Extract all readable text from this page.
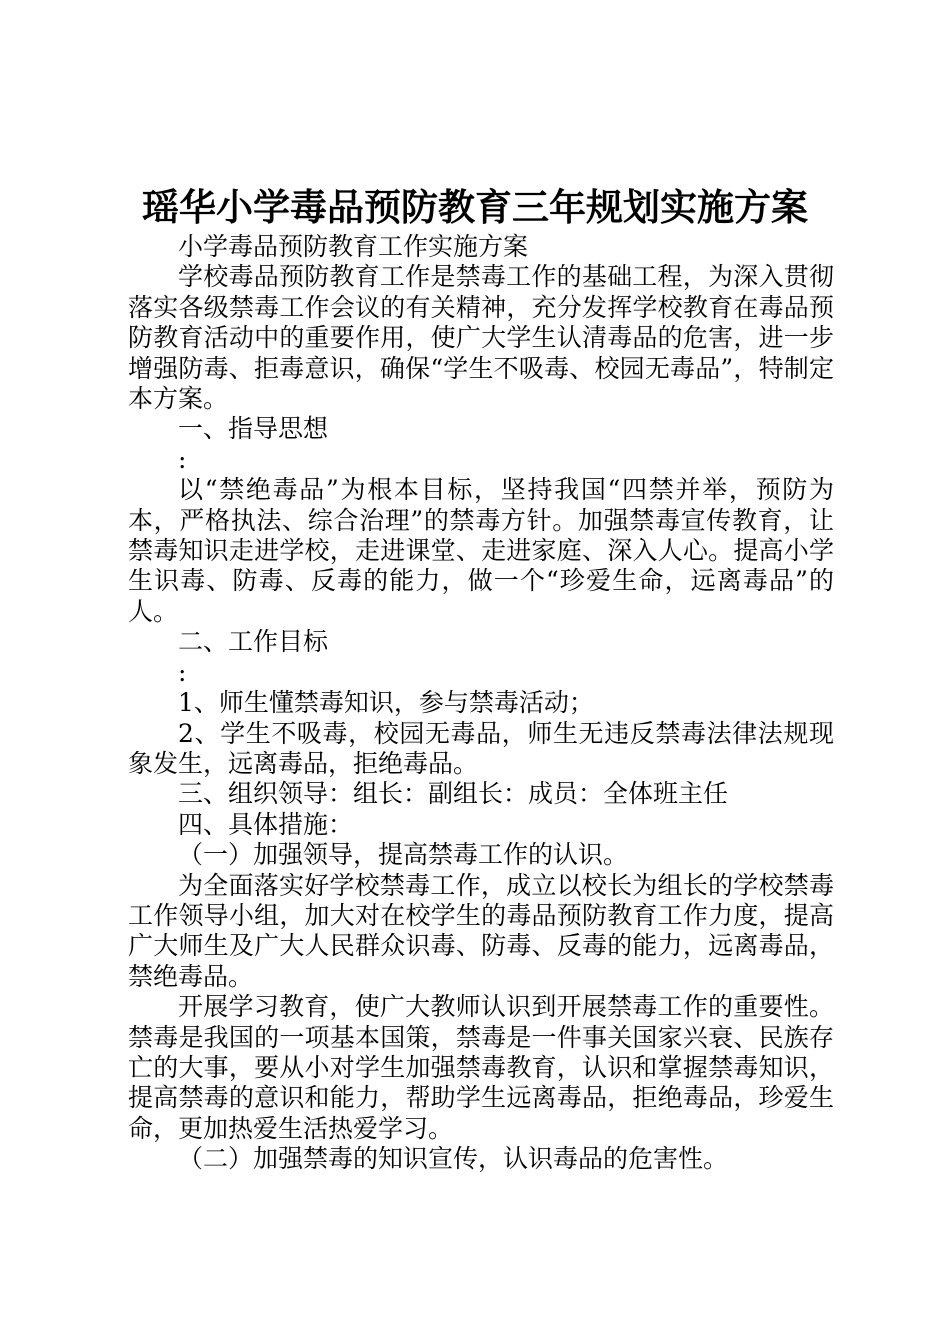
瑶华小学毒品预防教育三年规划实施方案

小学毒品预防教育工作实施方案

学校毒品预防教育工作是禁毒工作的基础工程，为深入贯彻落实各级禁毒工作会议的有关精神，充分发挥学校教育在毒品预防教育活动中的重要作用，使广大学生认清毒品的危害，进一步增强防毒、拒毒意识，确保“学生不吸毒、校园无毒品”，特制定本方案。

一、指导思想

:

以“禁绝毒品”为根本目标，坚持我国“四禁并举，预防为本，严格执法、综合治理”的禁毒方针。加强禁毒宣传教育，让禁毒知识走进学校，走进课堂、走进家庭、深入人心。提高小学生识毒、防毒、反毒的能力，做一个“珍爱生命，远离毒品”的人。

二、工作目标

:

1、师生懂禁毒知识，参与禁毒活动；

2、学生不吸毒，校园无毒品，师生无违反禁毒法律法规现象发生，远离毒品，拒绝毒品。

三、组织领导：组长：副组长：成员：全体班主任

四、具体措施：

（一）加强领导，提高禁毒工作的认识。

为全面落实好学校禁毒工作，成立以校长为组长的学校禁毒工作领导小组，加大对在校学生的毒品预防教育工作力度，提高广大师生及广大人民群众识毒、防毒、反毒的能力，远离毒品，禁绝毒品。

开展学习教育，使广大教师认识到开展禁毒工作的重要性。禁毒是我国的一项基本国策，禁毒是一件事关国家兴衰、民族存亡的大事，要从小对学生加强禁毒教育，认识和掌握禁毒知识，提高禁毒的意识和能力，帮助学生远离毒品，拒绝毒品，珍爱生命，更加热爱生活热爱学习。

（二）加强禁毒的知识宣传，认识毒品的危害性。
